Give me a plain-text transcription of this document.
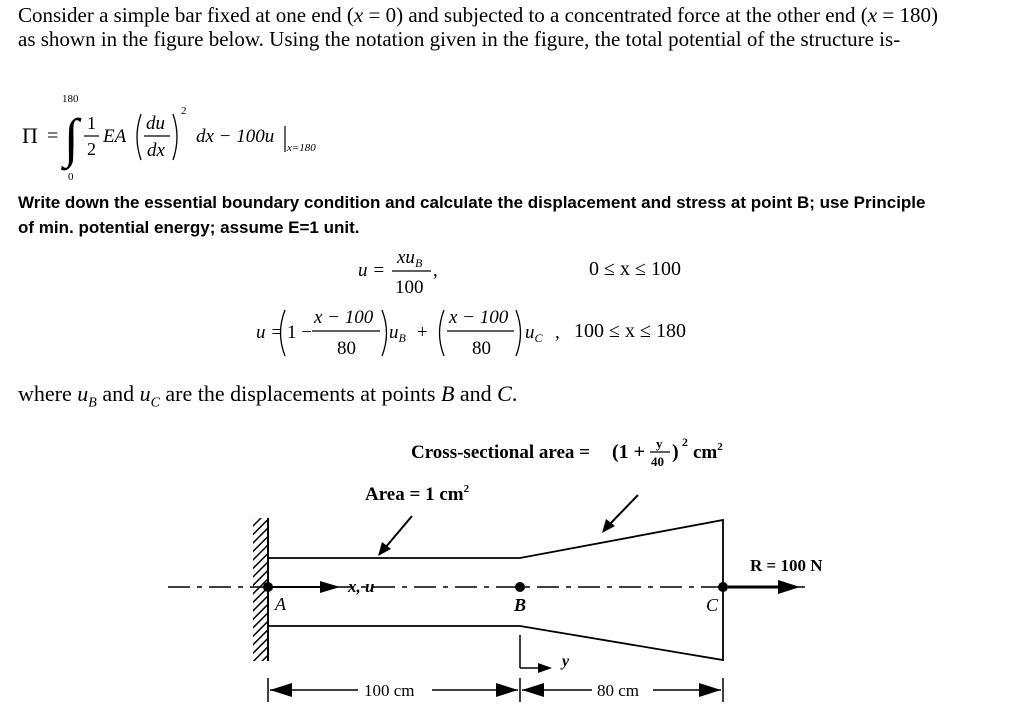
Consider a simple bar fixed at one end (x = 0) and subjected to a concentrated force at the other end (x = 180)
as shown in the figure below. Using the notation given in the figure, the total potential of the structure is-
Π =
180
∫
0
1
2
EA
du
dx
2
dx − 100u
x=180
Write down the essential boundary condition and calculate the displacement and stress at point B; use Principle
of min. potential energy; assume E=1 unit.
u =
$xu_B$
100
,	0 ≤ x ≤ 100
u = 1 −
x − 100
80
$u_B$ +
x − 100
80
$u_C$ , 100 ≤ x ≤ 180
where $u_B$ and $u_C$ are the displacements at points B and C.
Cross-sectional area = (1 + y
40 ) 2 $cm^2$
Area = 1 $cm^2$
x, u
A	B	C
R = 100 N
y
100 cm	80 cm
